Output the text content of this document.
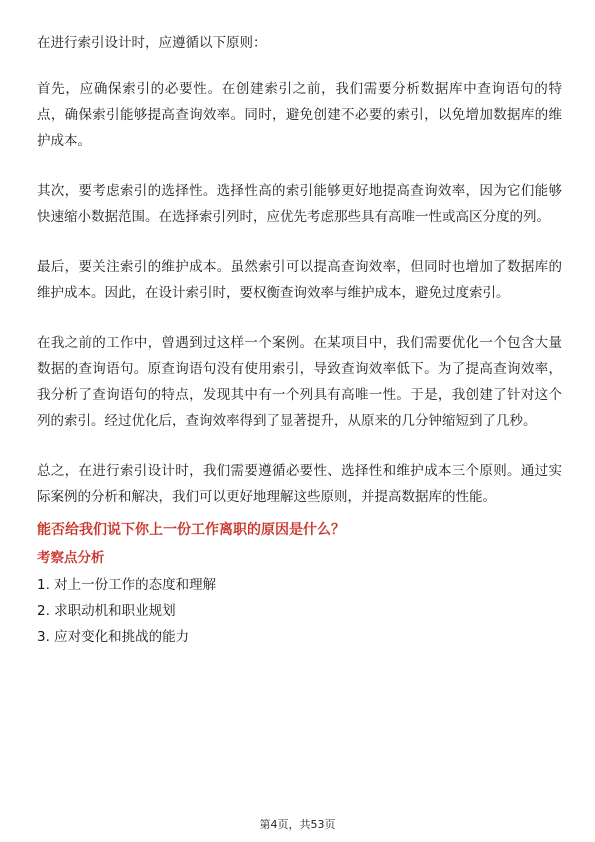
在进行索引设计时，应遵循以下原则：

首先，应确保索引的必要性。在创建索引之前，我们需要分析数据库中查询语句的特点，确保索引能够提高查询效率。同时，避免创建不必要的索引，以免增加数据库的维护成本。

其次，要考虑索引的选择性。选择性高的索引能够更好地提高查询效率，因为它们能够快速缩小数据范围。在选择索引列时，应优先考虑那些具有高唯一性或高区分度的列。

最后，要关注索引的维护成本。虽然索引可以提高查询效率，但同时也增加了数据库的维护成本。因此，在设计索引时，要权衡查询效率与维护成本，避免过度索引。

在我之前的工作中，曾遇到过这样一个案例。在某项目中，我们需要优化一个包含大量数据的查询语句。原查询语句没有使用索引，导致查询效率低下。为了提高查询效率，我分析了查询语句的特点，发现其中有一个列具有高唯一性。于是，我创建了针对这个列的索引。经过优化后，查询效率得到了显著提升，从原来的几分钟缩短到了几秒。

总之，在进行索引设计时，我们需要遵循必要性、选择性和维护成本三个原则。通过实际案例的分析和解决，我们可以更好地理解这些原则，并提高数据库的性能。

能否给我们说下你上一份工作离职的原因是什么？
考察点分析
1. 对上一份工作的态度和理解
2. 求职动机和职业规划
3. 应对变化和挑战的能力
第4页，共53页
